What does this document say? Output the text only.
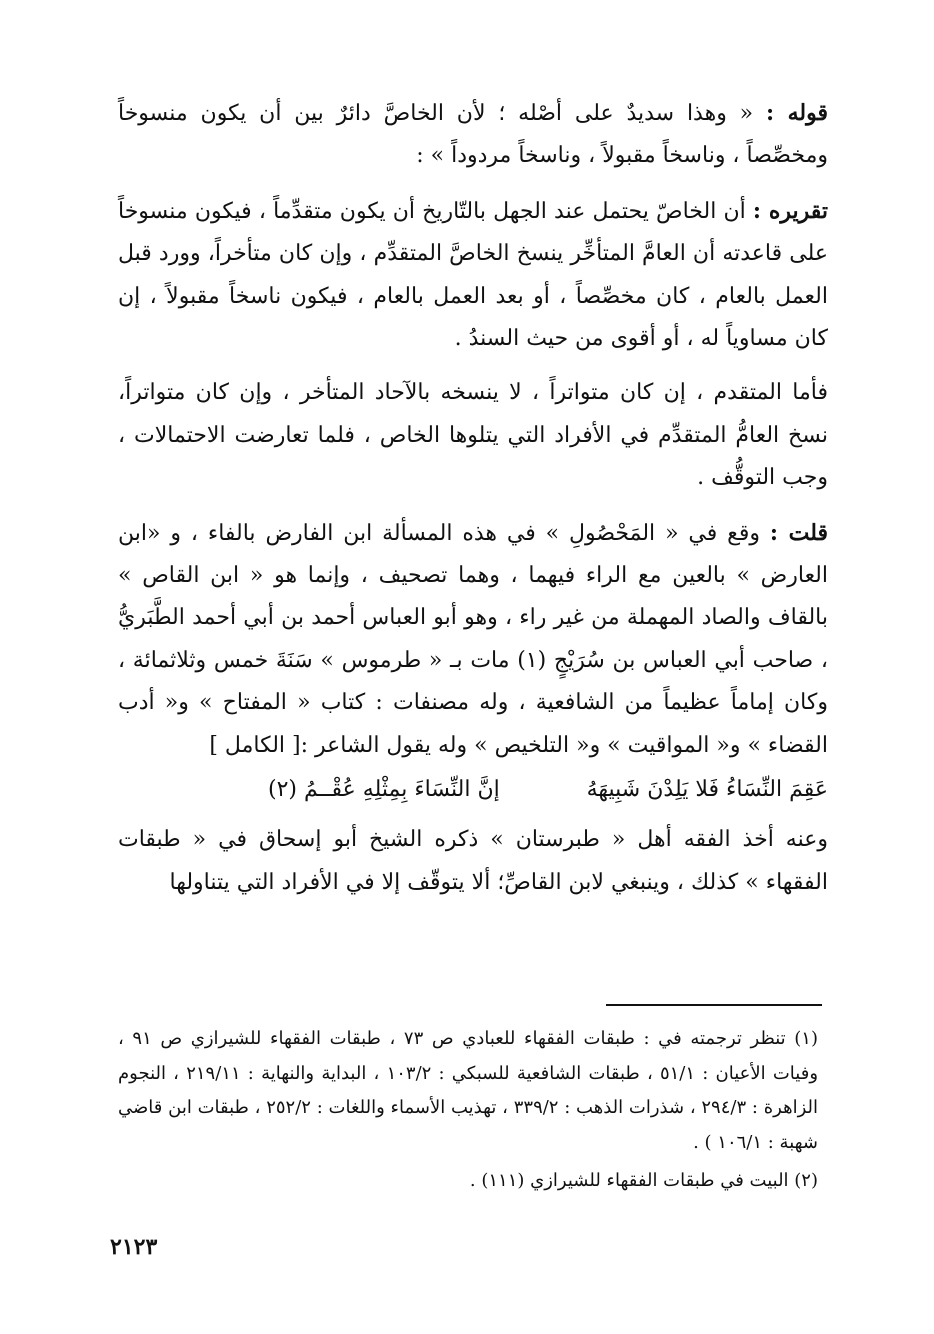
قوله : « وهذا سديدٌ على أصْله ؛ لأن الخاصَّ دائرٌ بين أن يكون منسوخاً ومخصِّصاً ، وناسخاً مقبولاً ، وناسخاً مردوداً » :

تقريره : أن الخاصّ يحتمل عند الجهل بالتّاريخ أن يكون متقدِّماً ، فيكون منسوخاً على قاعدته أن العامَّ المتأخِّر ينسخ الخاصَّ المتقدِّم ، وإن كان متأخراً، وورد قبل العمل بالعام ، كان مخصِّصاً ، أو بعد العمل بالعام ، فيكون ناسخاً مقبولاً ، إن كان مساوياً له ، أو أقوى من حيث السندُ .

فأما المتقدم ، إن كان متواتراً ، لا ينسخه بالآحاد المتأخر ، وإن كان متواتراً، نسخ العامُّ المتقدِّم في الأفراد التي يتلوها الخاص ، فلما تعارضت الاحتمالات ، وجب التوقُّف .

قلت : وقع في « المَحْصُولِ » في هذه المسألة ابن الفارض بالفاء ، و «ابن العارض » بالعين مع الراء فيهما ، وهما تصحيف ، وإنما هو « ابن القاص » بالقاف والصاد المهملة من غير راء ، وهو أبو العباس أحمد بن أبي أحمد الطَّبَريُّ ، صاحب أبي العباس بن سُرَيْجٍ (١) مات بـ « طرموس » سَنَةَ خمس وثلاثمائة ، وكان إماماً عظيماً من الشافعية ، وله مصنفات : كتاب « المفتاح » و« أدب القضاء » و« المواقيت » و« التلخيص » وله يقول الشاعر :[ الكامل ]

إنَّ النِّسَاءَ بِمِثْلِهِ عُقْــمُ (٢)	عَقِمَ النِّسَاءُ فَلا يَلِدْنَ شَبِيهَهُ

وعنه أخذ الفقه أهل « طبرستان » ذكره الشيخ أبو إسحاق في « طبقات الفقهاء » كذلك ، وينبغي لابن القاصِّ؛ ألا يتوقّف إلا في الأفراد التي يتناولها

(١) تنظر ترجمته في : طبقات الفقهاء للعبادي ص ٧٣ ، طبقات الفقهاء للشيرازي ص ٩١ ، وفيات الأعيان : ٥١/١ ، طبقات الشافعية للسبكي : ١٠٣/٢ ، البداية والنهاية : ٢١٩/١١ ، النجوم الزاهرة : ٢٩٤/٣ ، شذرات الذهب : ٣٣٩/٢ ، تهذيب الأسماء واللغات : ٢٥٢/٢ ، طبقات ابن قاضي شهبة : ١٠٦/١ ) .

(٢) البيت في طبقات الفقهاء للشيرازي (١١١) .

٢١٢٣
